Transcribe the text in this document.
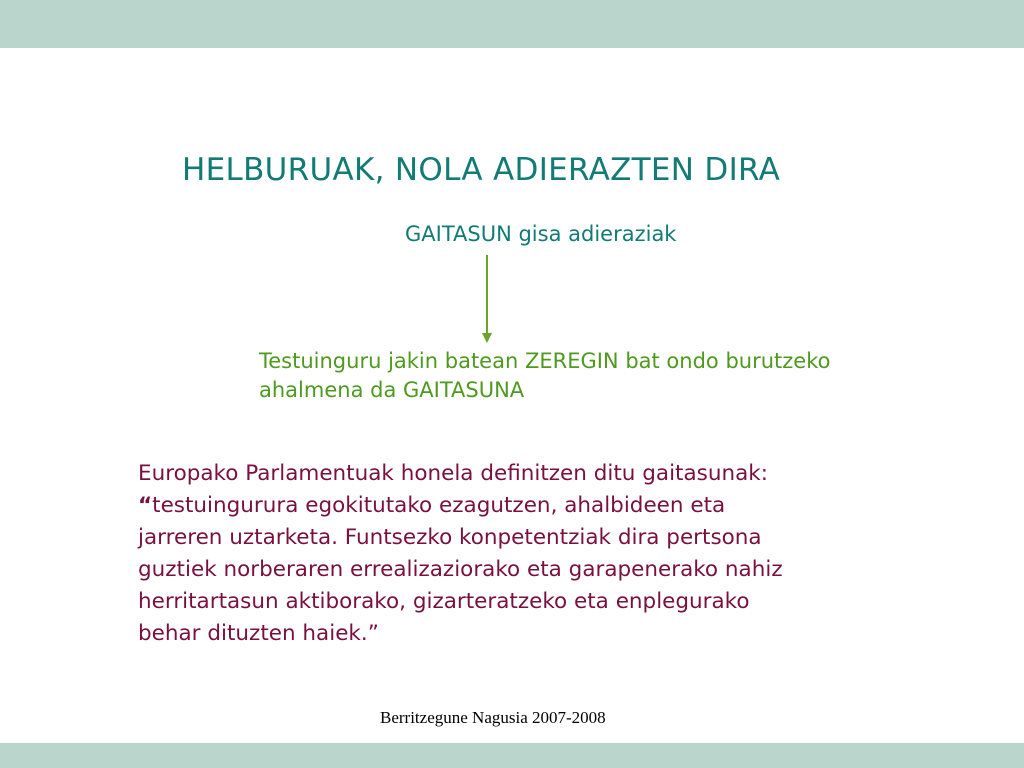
HELBURUAK, NOLA ADIERAZTEN DIRA
GAITASUN gisa adieraziak
Testuinguru jakin batean ZEREGIN bat ondo burutzeko
ahalmena da GAITASUNA
Europako Parlamentuak honela definitzen ditu gaitasunak:
“testuingurura egokitutako ezagutzen, ahalbideen eta
jarreren uztarketa. Funtsezko konpetentziak dira pertsona
guztiek norberaren errealizaziorako eta garapenerako nahiz
herritartasun aktiborako, gizarteratzeko eta enplegurako
behar dituzten haiek.”
Berritzegune Nagusia 2007-2008
